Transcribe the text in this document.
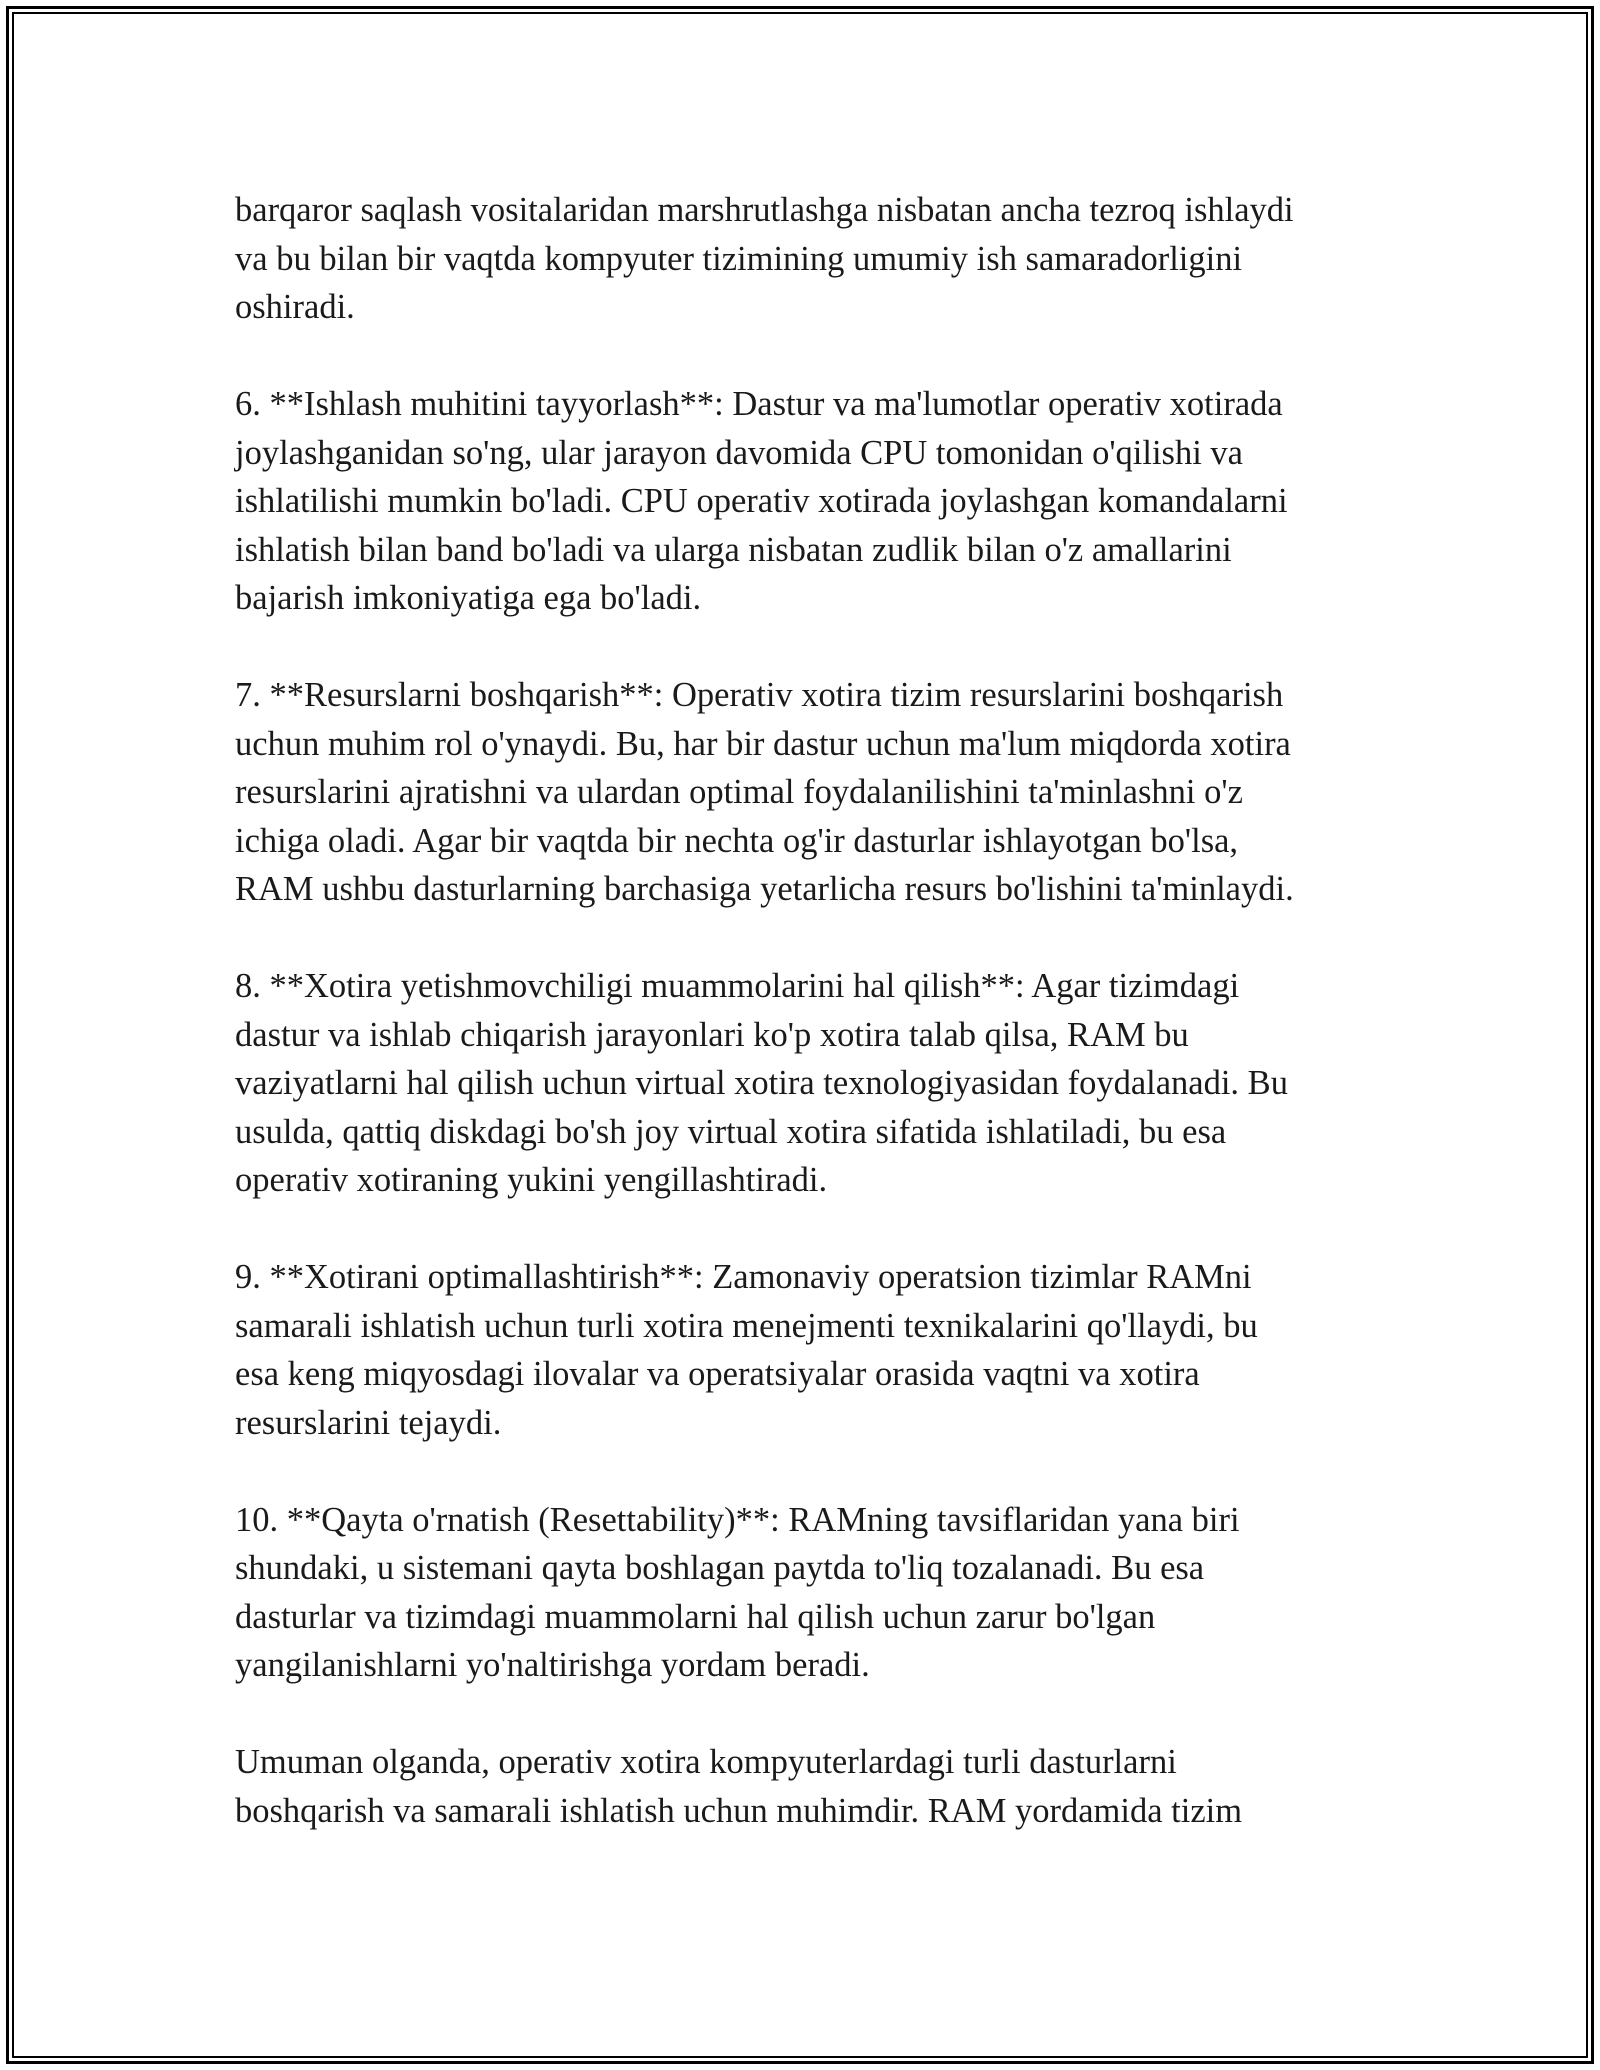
barqaror saqlash vositalaridan marshrutlashga nisbatan ancha tezroq ishlaydi
va bu bilan bir vaqtda kompyuter tizimining umumiy ish samaradorligini
oshiradi.

6. **Ishlash muhitini tayyorlash**: Dastur va ma'lumotlar operativ xotirada
joylashganidan so'ng, ular jarayon davomida CPU tomonidan o'qilishi va
ishlatilishi mumkin bo'ladi. CPU operativ xotirada joylashgan komandalarni
ishlatish bilan band bo'ladi va ularga nisbatan zudlik bilan o'z amallarini
bajarish imkoniyatiga ega bo'ladi.

7. **Resurslarni boshqarish**: Operativ xotira tizim resurslarini boshqarish
uchun muhim rol o'ynaydi. Bu, har bir dastur uchun ma'lum miqdorda xotira
resurslarini ajratishni va ulardan optimal foydalanilishini ta'minlashni o'z
ichiga oladi. Agar bir vaqtda bir nechta og'ir dasturlar ishlayotgan bo'lsa,
RAM ushbu dasturlarning barchasiga yetarlicha resurs bo'lishini ta'minlaydi.

8. **Xotira yetishmovchiligi muammolarini hal qilish**: Agar tizimdagi
dastur va ishlab chiqarish jarayonlari ko'p xotira talab qilsa, RAM bu
vaziyatlarni hal qilish uchun virtual xotira texnologiyasidan foydalanadi. Bu
usulda, qattiq diskdagi bo'sh joy virtual xotira sifatida ishlatiladi, bu esa
operativ xotiraning yukini yengillashtiradi.

9. **Xotirani optimallashtirish**: Zamonaviy operatsion tizimlar RAMni
samarali ishlatish uchun turli xotira menejmenti texnikalarini qo'llaydi, bu
esa keng miqyosdagi ilovalar va operatsiyalar orasida vaqtni va xotira
resurslarini tejaydi.

10. **Qayta o'rnatish (Resettability)**: RAMning tavsiflaridan yana biri
shundaki, u sistemani qayta boshlagan paytda to'liq tozalanadi. Bu esa
dasturlar va tizimdagi muammolarni hal qilish uchun zarur bo'lgan
yangilanishlarni yo'naltirishga yordam beradi.

Umuman olganda, operativ xotira kompyuterlardagi turli dasturlarni
boshqarish va samarali ishlatish uchun muhimdir. RAM yordamida tizim
